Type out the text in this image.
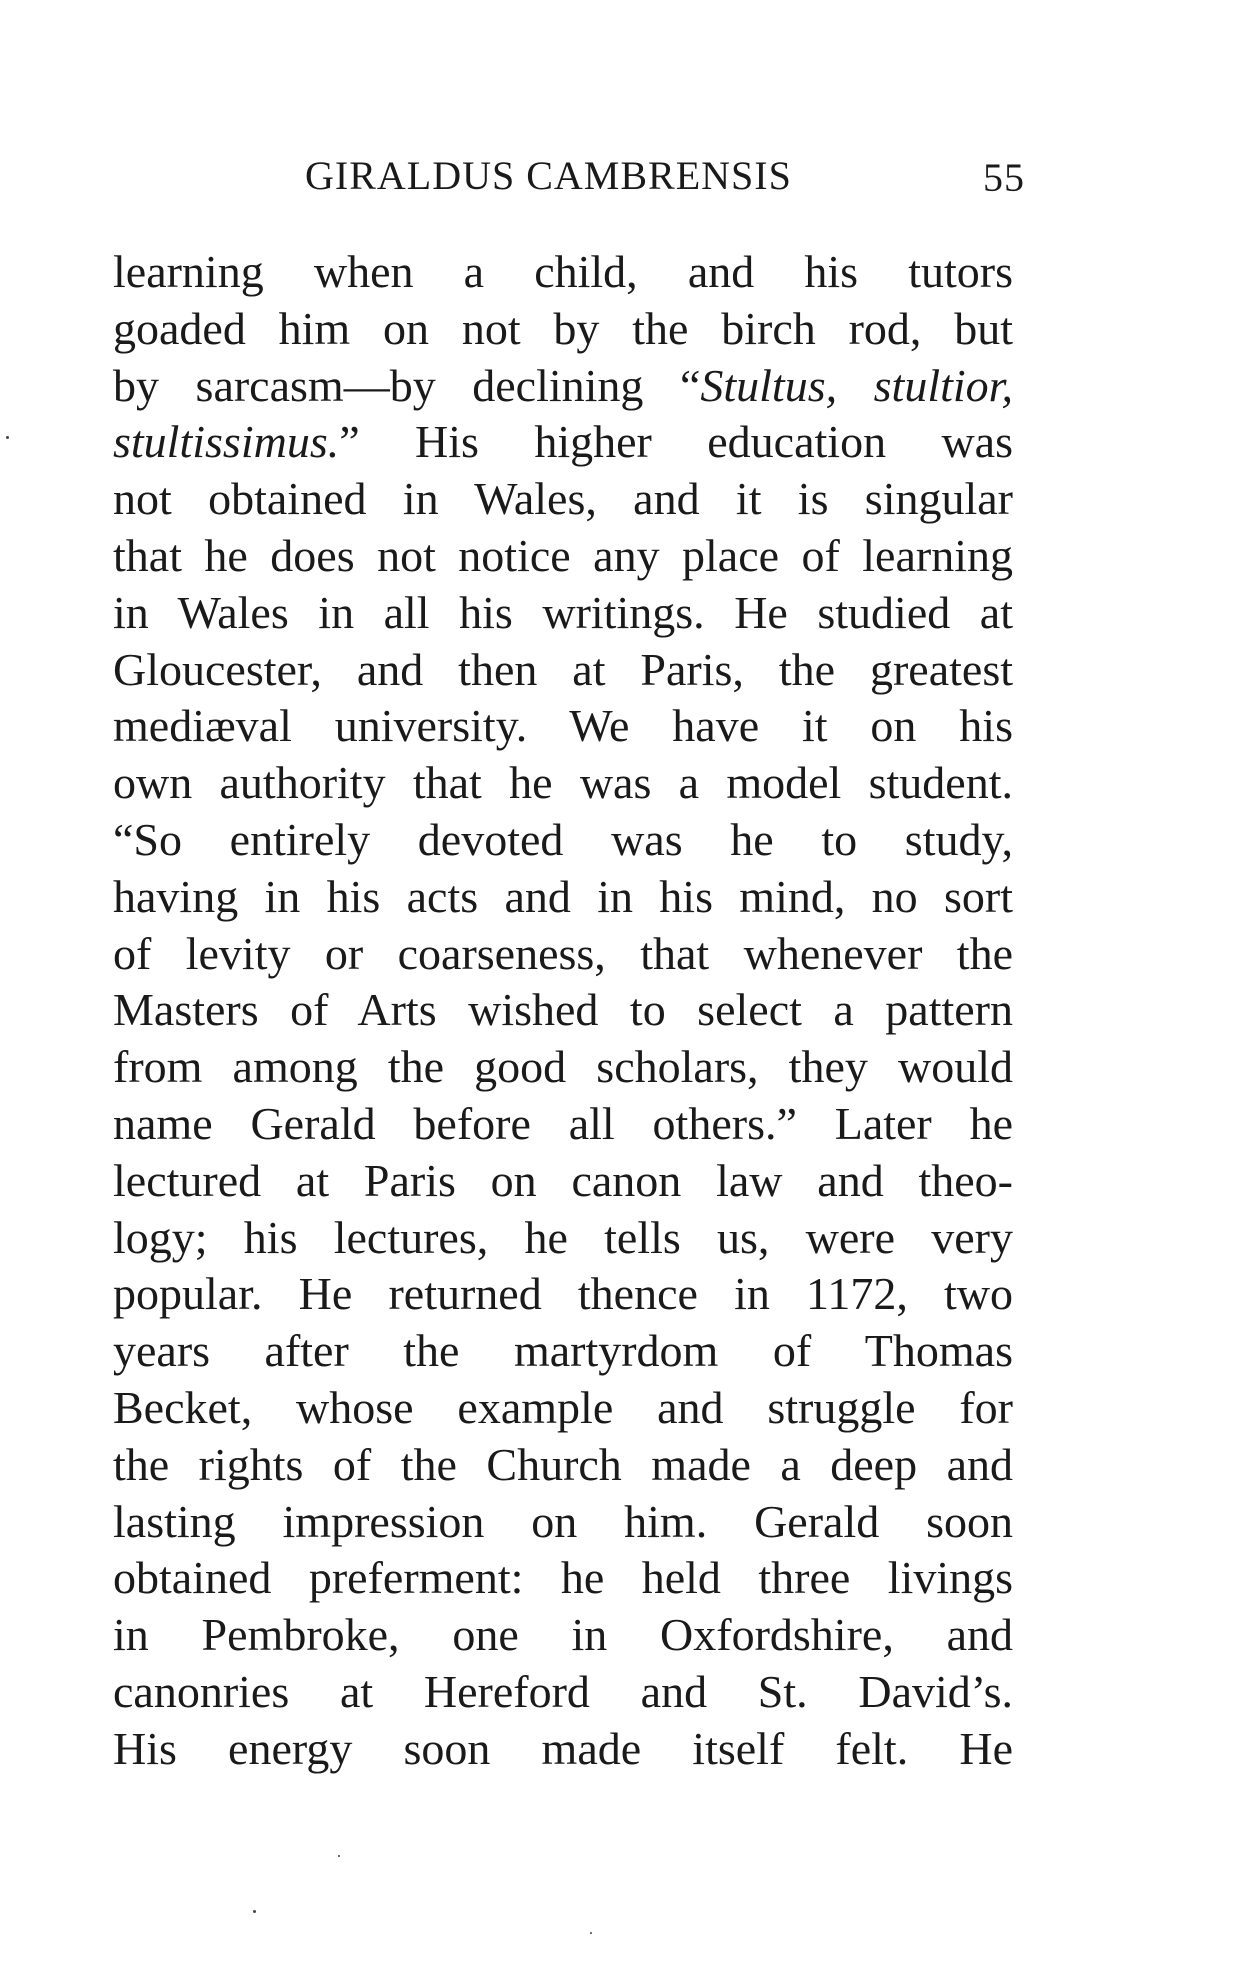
GIRALDUS CAMBRENSIS	55
learning when a child, and his tutors
goaded him on not by the birch rod, but
by sarcasm—by declining “Stultus, stultior,
stultissimus.” His higher education was
not obtained in Wales, and it is singular
that he does not notice any place of learning
in Wales in all his writings. He studied at
Gloucester, and then at Paris, the greatest
mediæval university. We have it on his
own authority that he was a model student.
“So entirely devoted was he to study,
having in his acts and in his mind, no sort
of levity or coarseness, that whenever the
Masters of Arts wished to select a pattern
from among the good scholars, they would
name Gerald before all others.” Later he
lectured at Paris on canon law and theo-
logy; his lectures, he tells us, were very
popular. He returned thence in 1172, two
years after the martyrdom of Thomas
Becket, whose example and struggle for
the rights of the Church made a deep and
lasting impression on him. Gerald soon
obtained preferment: he held three livings
in Pembroke, one in Oxfordshire, and
canonries at Hereford and St. David’s.
His energy soon made itself felt. He
